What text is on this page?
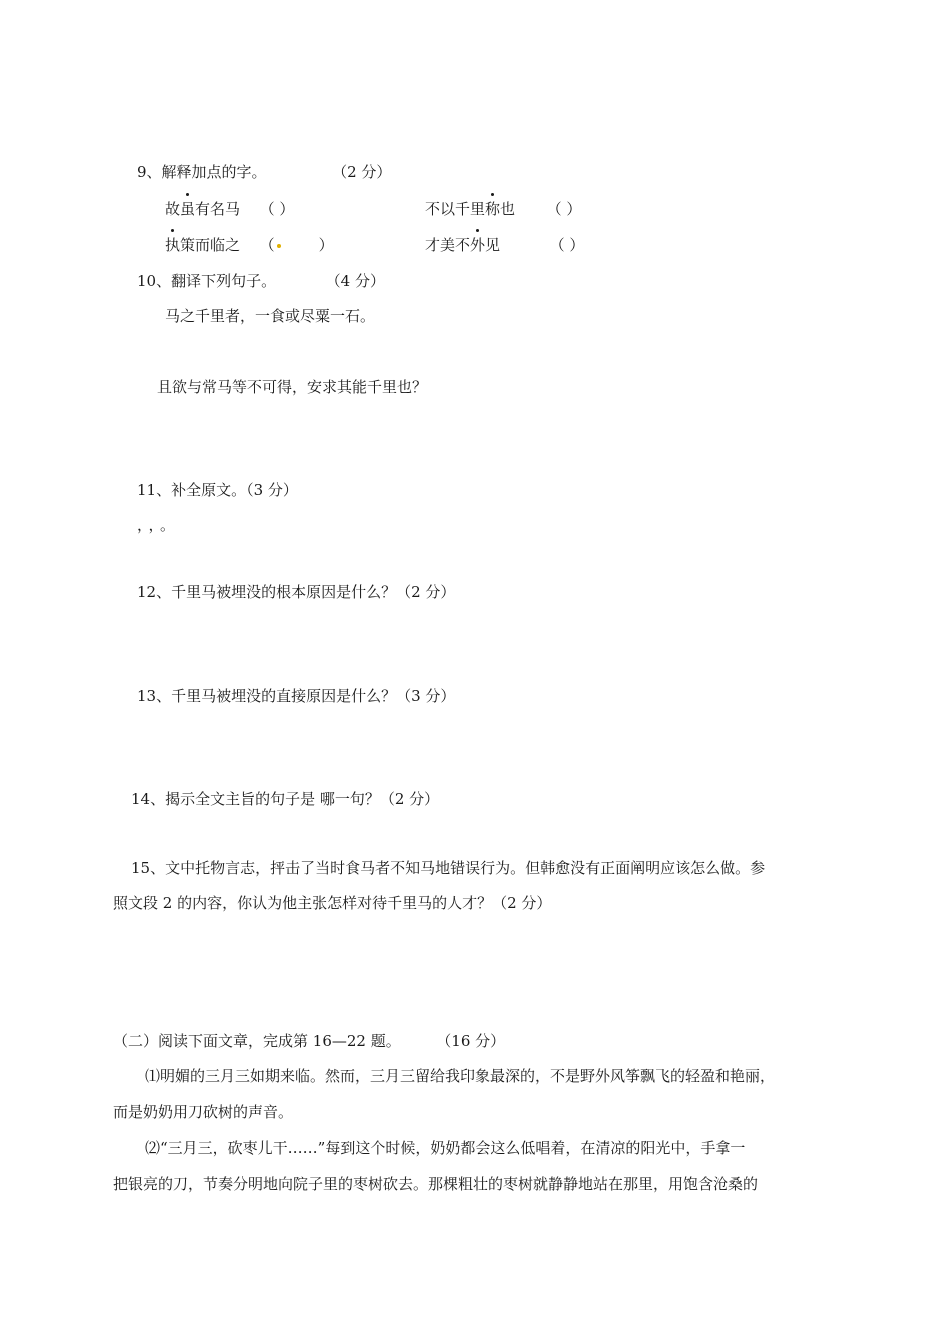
9、解释加点的字。	（2 分）
故虽有名马 （ ）	不以千里称也 （ ）
执策而临之 （	）	才美不外见	（ ）
10、翻译下列句子。	（4 分）
马之千里者，一食或尽粟一石。
且欲与常马等不可得，安求其能千里也？
11、补全原文。（3 分）
，，。
12、千里马被埋没的根本原因是什么？（2 分）
13、千里马被埋没的直接原因是什么？（3 分）
14、揭示全文主旨的句子是 哪一句？（2 分）
15、文中托物言志，抨击了当时食马者不知马地错误行为。但韩愈没有正面阐明应该怎么做。参
照文段 2 的内容，你认为他主张怎样对待千里马的人才？（2 分）
（二）阅读下面文章，完成第 16—22 题。 （16 分）
⑴明媚的三月三如期来临。然而，三月三留给我印象最深的，不是野外风筝飘飞的轻盈和艳丽，
而是奶奶用刀砍树的声音。
⑵“三月三，砍枣儿干……”每到这个时候，奶奶都会这么低唱着，在清凉的阳光中，手拿一
把银亮的刀，节奏分明地向院子里的枣树砍去。那棵粗壮的枣树就静静地站在那里，用饱含沧桑的
